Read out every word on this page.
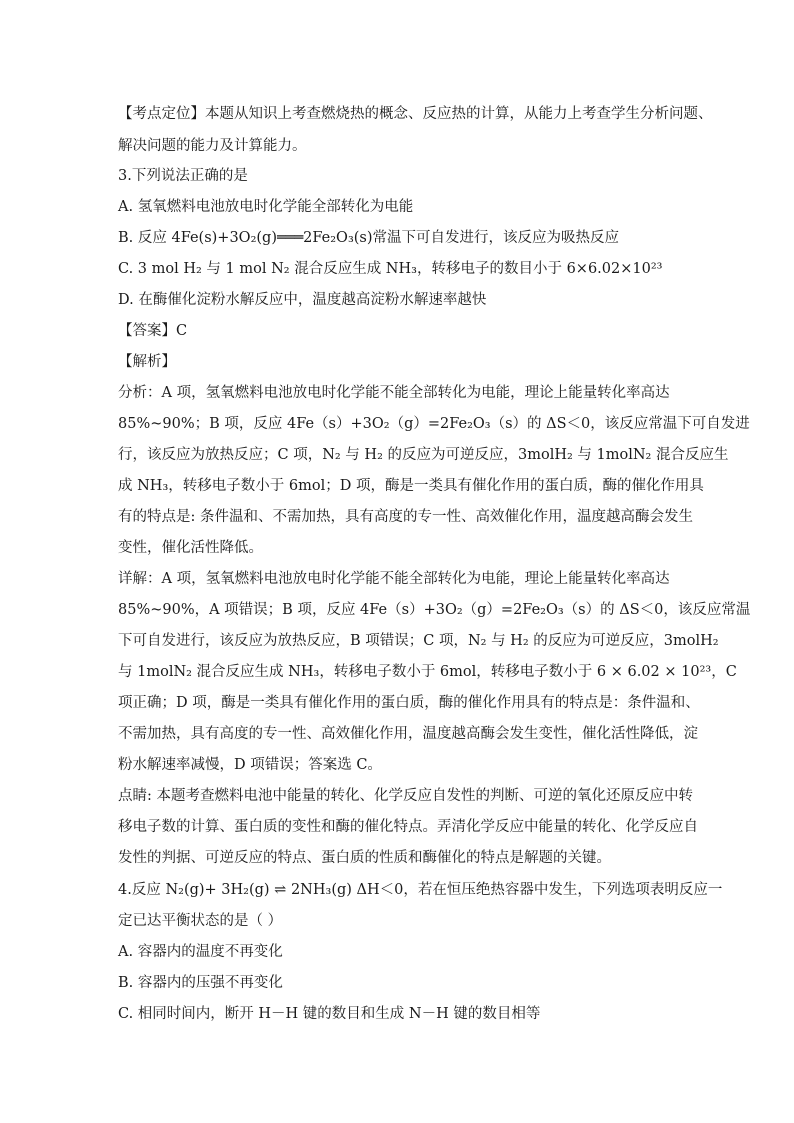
【考点定位】本题从知识上考查燃烧热的概念、反应热的计算，从能力上考查学生分析问题、

解决问题的能力及计算能力。

3.下列说法正确的是

A. 氢氧燃料电池放电时化学能全部转化为电能

B. 反应 4Fe(s)+3O₂(g)═══2Fe₂O₃(s)常温下可自发进行，该反应为吸热反应

C. 3 mol H₂ 与 1 mol N₂ 混合反应生成 NH₃，转移电子的数目小于 6×6.02×10²³

D. 在酶催化淀粉水解反应中，温度越高淀粉水解速率越快

【答案】C

【解析】

分析：A 项，氢氧燃料电池放电时化学能不能全部转化为电能，理论上能量转化率高达

85%~90%；B 项，反应 4Fe（s）+3O₂（g）=2Fe₂O₃（s）的 ΔS＜0，该反应常温下可自发进

行，该反应为放热反应；C 项，N₂ 与 H₂ 的反应为可逆反应，3molH₂ 与 1molN₂ 混合反应生

成 NH₃，转移电子数小于 6mol；D 项，酶是一类具有催化作用的蛋白质，酶的催化作用具

有的特点是: 条件温和、不需加热，具有高度的专一性、高效催化作用，温度越高酶会发生

变性，催化活性降低。

详解：A 项，氢氧燃料电池放电时化学能不能全部转化为电能，理论上能量转化率高达

85%~90%，A 项错误；B 项，反应 4Fe（s）+3O₂（g）=2Fe₂O₃（s）的 ΔS＜0，该反应常温

下可自发进行，该反应为放热反应，B 项错误；C 项，N₂ 与 H₂ 的反应为可逆反应，3molH₂

与 1molN₂ 混合反应生成 NH₃，转移电子数小于 6mol，转移电子数小于 6 × 6.02 × 10²³，C

项正确；D 项，酶是一类具有催化作用的蛋白质，酶的催化作用具有的特点是：条件温和、

不需加热，具有高度的专一性、高效催化作用，温度越高酶会发生变性，催化活性降低，淀

粉水解速率减慢，D 项错误；答案选 C。

点睛: 本题考查燃料电池中能量的转化、化学反应自发性的判断、可逆的氧化还原反应中转

移电子数的计算、蛋白质的变性和酶的催化特点。弄清化学反应中能量的转化、化学反应自

发性的判据、可逆反应的特点、蛋白质的性质和酶催化的特点是解题的关键。

4.反应 N₂(g)+ 3H₂(g) ⇌ 2NH₃(g) ΔH＜0，若在恒压绝热容器中发生，下列选项表明反应一

定已达平衡状态的是（ ）

A. 容器内的温度不再变化

B. 容器内的压强不再变化

C. 相同时间内，断开 H－H 键的数目和生成 N－H 键的数目相等
